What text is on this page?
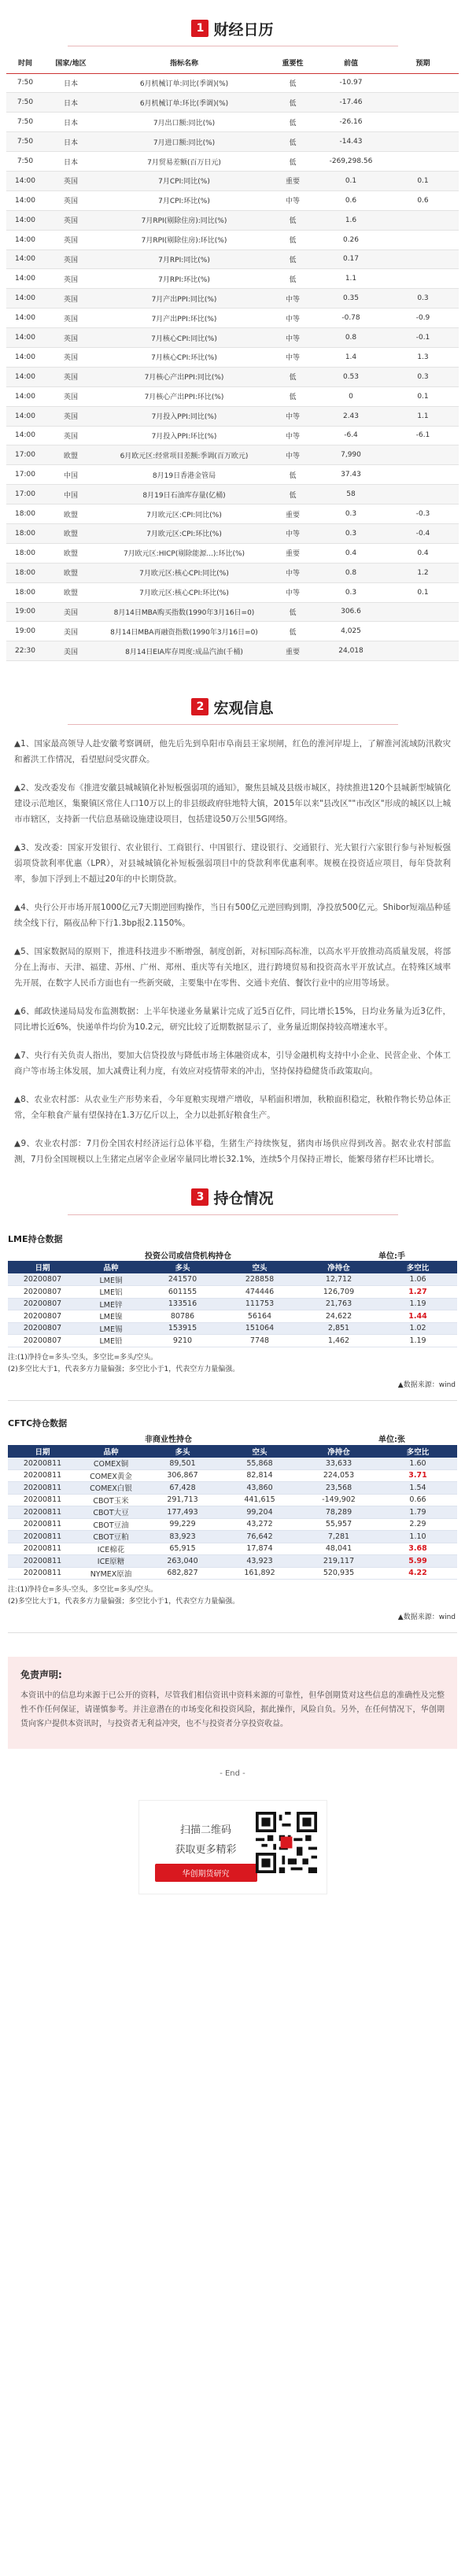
1 财经日历
时间	国家/地区	指标名称	重要性	前值	预期
7:50	日本	6月机械订单:同比(季调)(%)	低	-10.97	
7:50	日本	6月机械订单:环比(季调)(%)	低	-17.46	
7:50	日本	7月出口额:同比(%)	低	-26.16	
7:50	日本	7月进口额:同比(%)	低	-14.43	
7:50	日本	7月贸易差额(百万日元)	低	-269,298.56	
14:00	英国	7月CPI:同比(%)	重要	0.1	0.1
14:00	英国	7月CPI:环比(%)	中等	0.6	0.6
14:00	英国	7月RPI(剔除住房):同比(%)	低	1.6	
14:00	英国	7月RPI(剔除住房):环比(%)	低	0.26	
14:00	英国	7月RPI:同比(%)	低	0.17	
14:00	英国	7月RPI:环比(%)	低	1.1	
14:00	英国	7月产出PPI:同比(%)	中等	0.35	0.3
14:00	英国	7月产出PPI:环比(%)	中等	-0.78	-0.9
14:00	英国	7月核心CPI:同比(%)	中等	0.8	-0.1
14:00	英国	7月核心CPI:环比(%)	中等	1.4	1.3
14:00	英国	7月核心产出PPI:同比(%)	低	0.53	0.3
14:00	英国	7月核心产出PPI:环比(%)	低	0	0.1
14:00	英国	7月投入PPI:同比(%)	中等	2.43	1.1
14:00	英国	7月投入PPI:环比(%)	中等	-6.4	-6.1
17:00	欧盟	6月欧元区:经常项目差额:季调(百万欧元)	中等	7,990	
17:00	中国	8月19日香港金管局	低	37.43	
17:00	中国	8月19日石油库存量(亿桶)	低	58	
18:00	欧盟	7月欧元区:CPI:同比(%)	重要	0.3	-0.3
18:00	欧盟	7月欧元区:CPI:环比(%)	中等	0.3	-0.4
18:00	欧盟	7月欧元区:HICP(剔除能源...):环比(%)	重要	0.4	0.4
18:00	欧盟	7月欧元区:核心CPI:同比(%)	中等	0.8	1.2
18:00	欧盟	7月欧元区:核心CPI:环比(%)	中等	0.3	0.1
19:00	美国	8月14日MBA购买指数(1990年3月16日=0)	低	306.6	
19:00	美国	8月14日MBA再融资指数(1990年3月16日=0)	低	4,025	
22:30	美国	8月14日EIA库存周度:成品汽油(千桶)	重要	24,018	
2 宏观信息
▲1、国家最高领导人赴安徽考察调研，他先后先到阜阳市阜南县王家坝闸，红色的淮河岸堤上，了解淮河流域防汛救灾和蓄洪工作情况，看望慰问受灾群众。
▲2、发改委发布《推进安徽县城城镇化补短板强弱项的通知》，聚焦县城及县级市城区，持续推进120个县城新型城镇化建设示范地区，集聚镇区常住人口10万以上的非县级政府驻地特大镇，2015年以来"县改区""市改区"形成的城区以上城市市辖区，支持新一代信息基础设施建设项目，包括建设50万公里5G网络。
▲3、发改委：国家开发银行、农业银行、工商银行、中国银行、建设银行、交通银行、光大银行六家银行参与补短板强弱项贷款利率优惠（LPR），对县城城镇化补短板强弱项目中的贷款利率优惠利率。规模在投资适应项目，每年贷款利率，参加下浮到上不超过20年的中长期贷款。
▲4、央行公开市场开展1000亿元7天期逆回购操作，当日有500亿元逆回购到期，净投放500亿元。Shibor短端品种延续全线下行，隔夜品种下行1.3bp报2.1150%。
▲5、国家数据局的原则下，推进科技进步不断增强，制度创新，对标国际高标准，以高水平开放推动高质量发展，将部分在上海市、天津、福建、苏州、广州、郑州、重庆等有关地区，进行跨境贸易和投资高水平开放试点。在特殊区域率先开展，在数字人民币方面也有一些新突破，主要集中在零售、交通卡充值、餐饮行业中的应用等场景。
▲6、邮政快递局局发布监测数据：上半年快递业务量累计完成了近5百亿件，同比增长15%，日均业务量为近3亿件，同比增长近6%，快递单件均价为10.2元，研究比较了近期数据显示了，业务量近期保持较高增速水平。
▲7、央行有关负责人指出，要加大信贷投放与降低市场主体融资成本，引导金融机构支持中小企业、民营企业、个体工商户等市场主体发展，加大减费让利力度，有效应对疫情带来的冲击，坚持保持稳健货币政策取向。
▲8、农业农村部：从农业生产形势来看，今年夏粮实现增产增收，早稻面积增加，秋粮面积稳定，秋粮作物长势总体正常，全年粮食产量有望保持在1.3万亿斤以上，全力以赴抓好粮食生产。
▲9、农业农村部：7月份全国农村经济运行总体平稳，生猪生产持续恢复，猪肉市场供应得到改善。据农业农村部监测，7月份全国规模以上生猪定点屠宰企业屠宰量同比增长32.1%，连续5个月保持正增长，能繁母猪存栏环比增长。
3 持仓情况
LME持仓数据
		投资公司或信贷机构持仓			单位:手
日期	品种	多头	空头	净持仓	多空比
20200807	LME铜	241570	228858	12,712	1.06
20200807	LME铝	601155	474446	126,709	1.27
20200807	LME锌	133516	111753	21,763	1.19
20200807	LME镍	80786	56164	24,622	1.44
20200807	LME锡	153915	151064	2,851	1.02
20200807	LME铅	9210	7748	1,462	1.19
注:(1)净持仓=多头-空头，多空比=多头/空头。
(2)多空比大于1，代表多方力量偏强；多空比小于1，代表空方力量偏强。
▲数据来源：wind
CFTC持仓数据
		非商业性持仓			单位:张
日期	品种	多头	空头	净持仓	多空比
20200811	COMEX铜	89,501	55,868	33,633	1.60
20200811	COMEX黄金	306,867	82,814	224,053	3.71
20200811	COMEX白银	67,428	43,860	23,568	1.54
20200811	CBOT玉米	291,713	441,615	-149,902	0.66
20200811	CBOT大豆	177,493	99,204	78,289	1.79
20200811	CBOT豆油	99,229	43,272	55,957	2.29
20200811	CBOT豆粕	83,923	76,642	7,281	1.10
20200811	ICE棉花	65,915	17,874	48,041	3.68
20200811	ICE原糖	263,040	43,923	219,117	5.99
20200811	NYMEX原油	682,827	161,892	520,935	4.22
注:(1)净持仓=多头-空头，多空比=多头/空头。
(2)多空比大于1，代表多方力量偏强；多空比小于1，代表空方力量偏强。
▲数据来源：wind
免责声明:
本资讯中的信息均来源于已公开的资料，尽管我们相信资讯中资料来源的可靠性，但华创期货对这些信息的准确性及完整性不作任何保证，请谨慎参考。并注意潜在的市场变化和投资风险，据此操作，风险自负。另外，在任何情况下，华创期货向客户提供本资讯时，与投资者无利益冲突，也不与投资者分享投资收益。
- End -
扫描二维码
获取更多精彩
华创期货研究
